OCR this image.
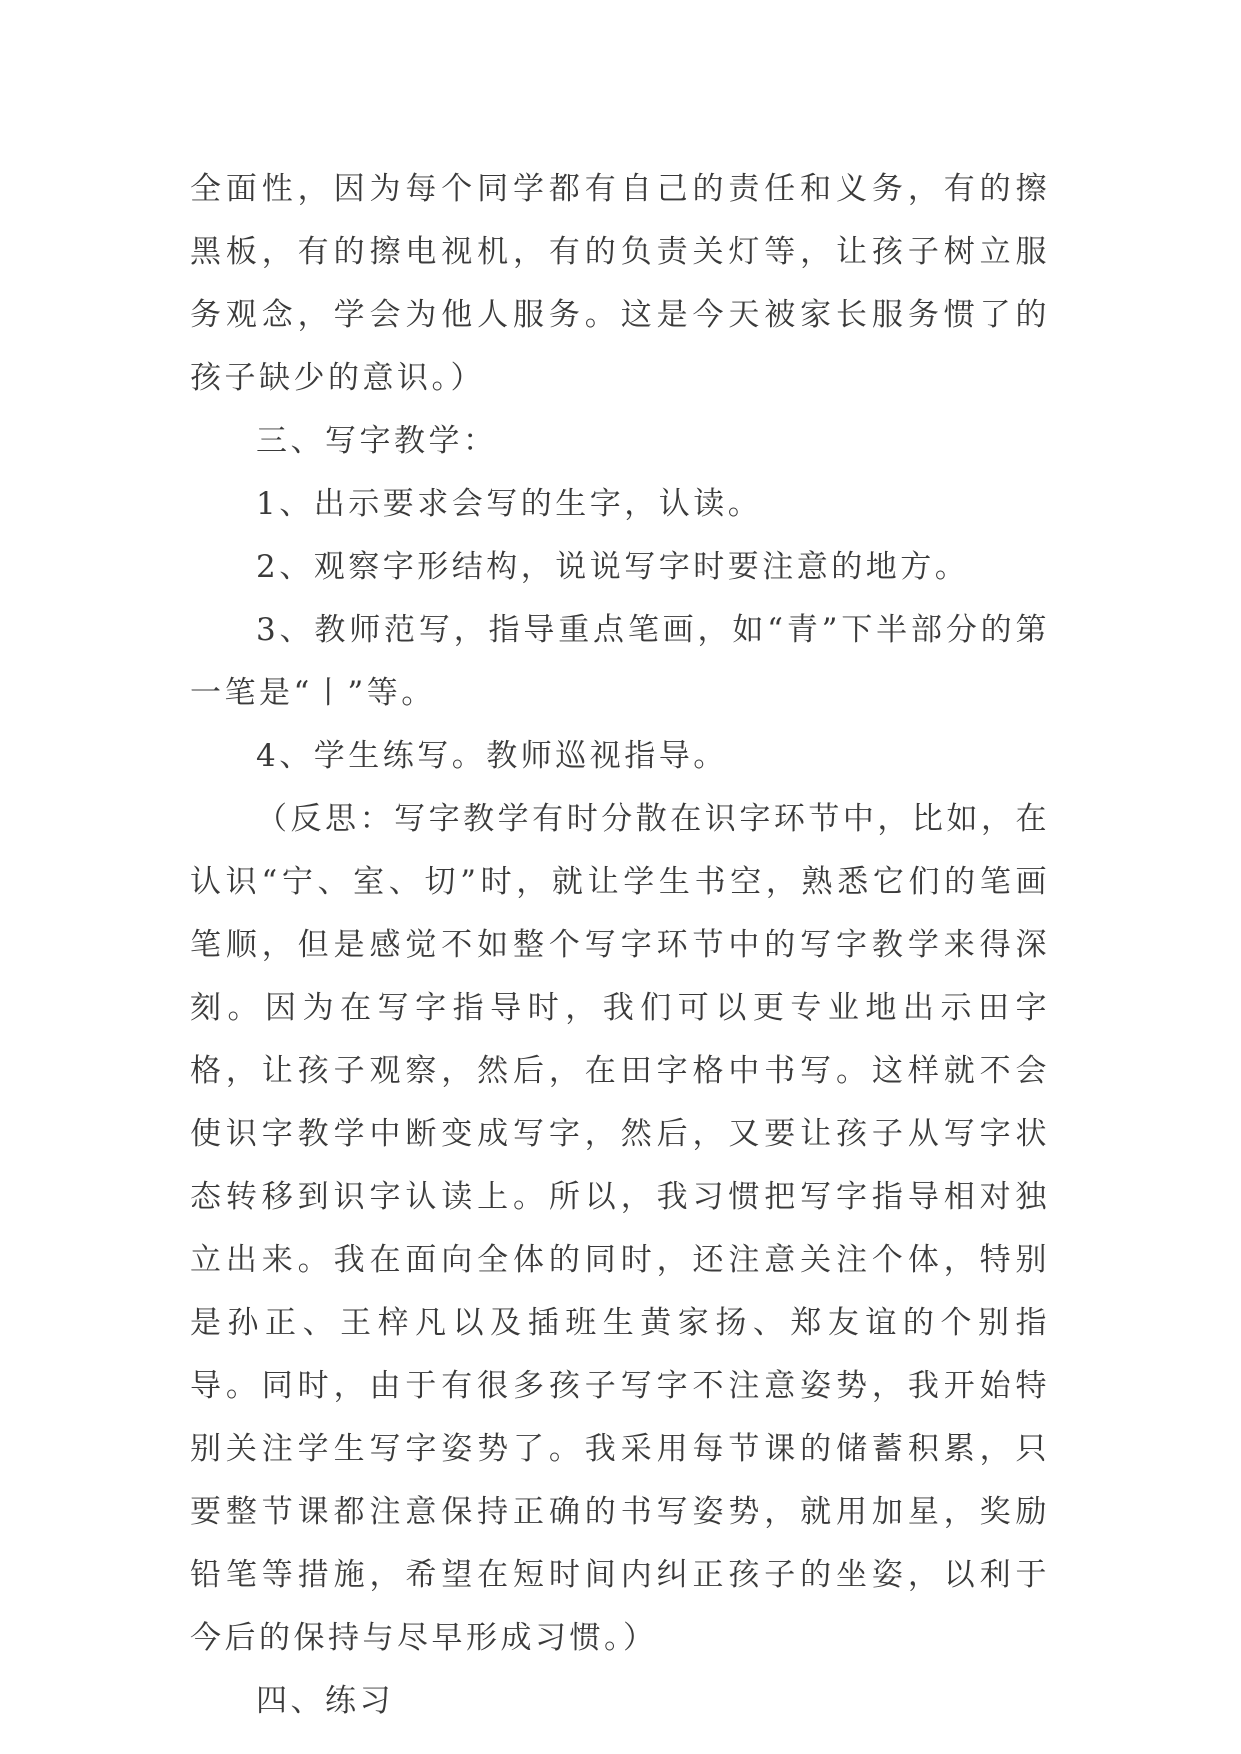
全面性，因为每个同学都有自己的责任和义务，有的擦黑板，有的擦电视机，有的负责关灯等，让孩子树立服务观念，学会为他人服务。这是今天被家长服务惯了的孩子缺少的意识。）

三、写字教学：

1、出示要求会写的生字，认读。

2、观察字形结构，说说写字时要注意的地方。

3、教师范写，指导重点笔画，如“青”下半部分的第一笔是“丨”等。

4、学生练写。教师巡视指导。

（反思：写字教学有时分散在识字环节中，比如，在认识“宁、室、切”时，就让学生书空，熟悉它们的笔画笔顺，但是感觉不如整个写字环节中的写字教学来得深刻。因为在写字指导时，我们可以更专业地出示田字格，让孩子观察，然后，在田字格中书写。这样就不会使识字教学中断变成写字，然后，又要让孩子从写字状态转移到识字认读上。所以，我习惯把写字指导相对独立出来。我在面向全体的同时，还注意关注个体，特别是孙正、王梓凡以及插班生黄家扬、郑友谊的个别指导。同时，由于有很多孩子写字不注意姿势，我开始特别关注学生写字姿势了。我采用每节课的储蓄积累，只要整节课都注意保持正确的书写姿势，就用加星，奖励铅笔等措施，希望在短时间内纠正孩子的坐姿，以利于今后的保持与尽早形成习惯。）

四、练习
